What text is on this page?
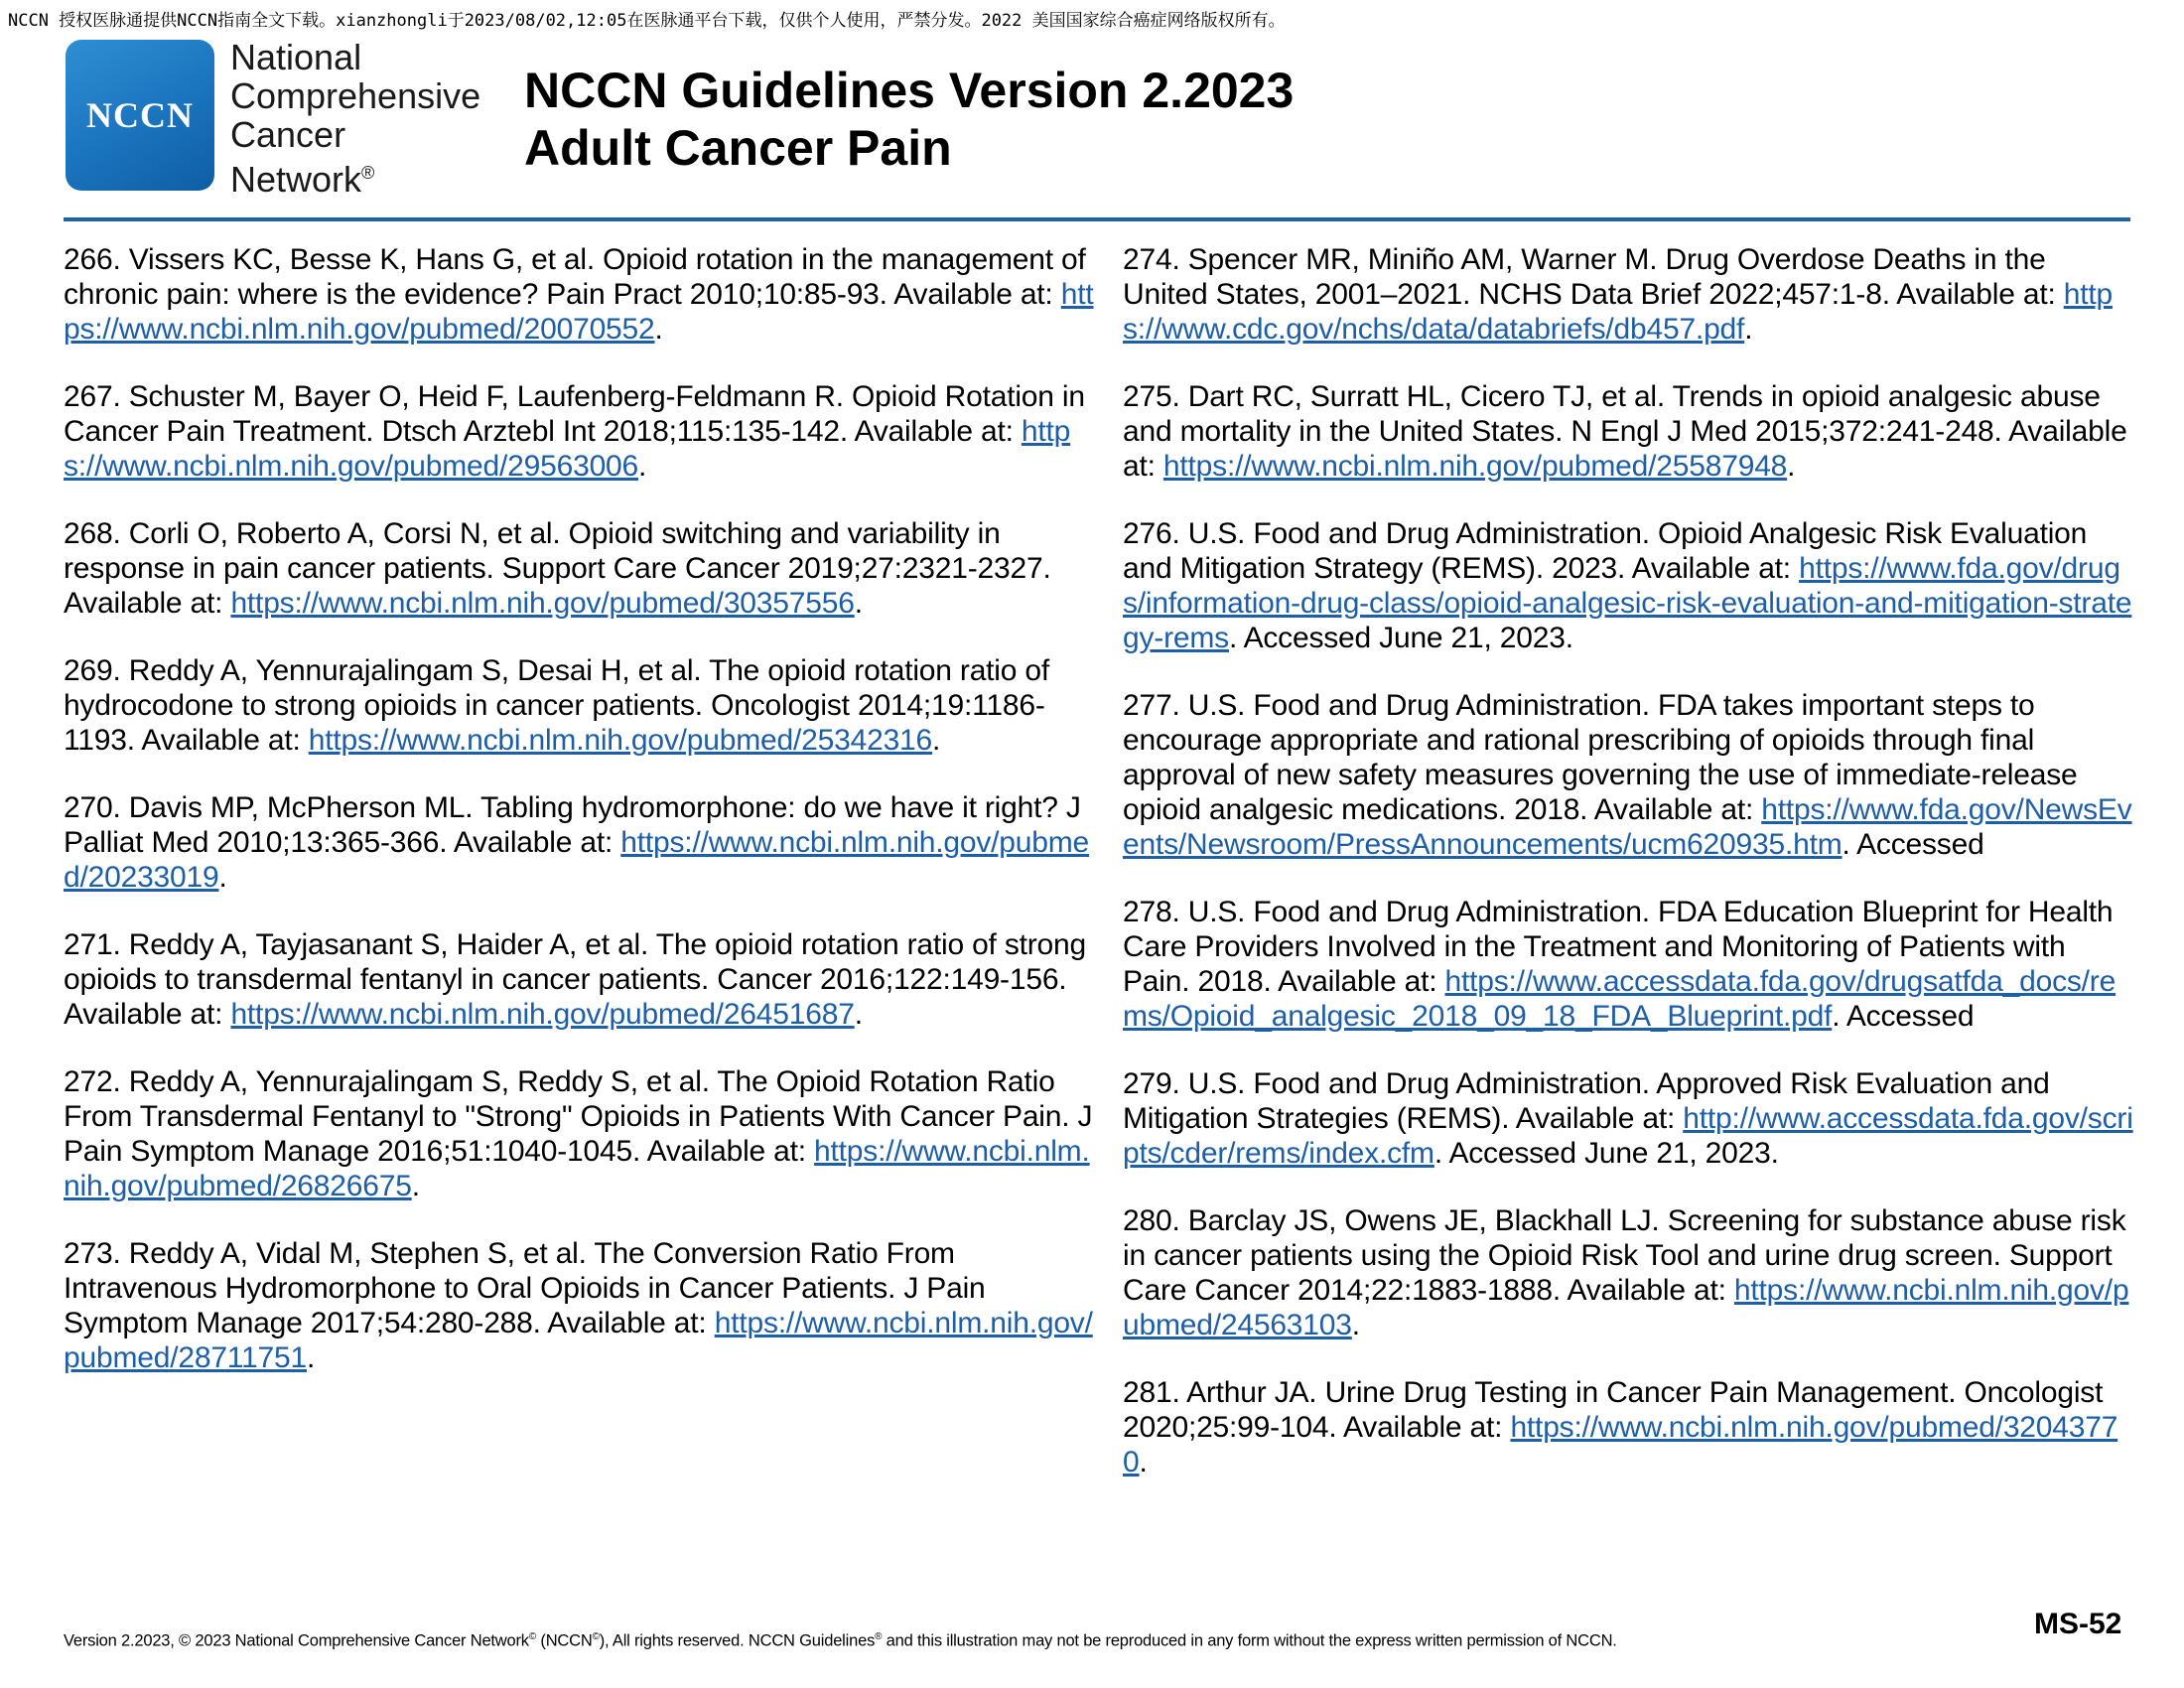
NCCN 授权医脉通提供NCCN指南全文下载。xianzhongli于2023/08/02,12:05在医脉通平台下载，仅供个人使用，严禁分发。2022 美国国家综合癌症网络版权所有。
NCCN
National
Comprehensive
Cancer
Network®
NCCN Guidelines Version 2.2023
Adult Cancer Pain

266. Vissers KC, Besse K, Hans G, et al. Opioid rotation in the management of chronic pain: where is the evidence? Pain Pract 2010;10:85-93. Available at: https://www.ncbi.nlm.nih.gov/pubmed/20070552.

267. Schuster M, Bayer O, Heid F, Laufenberg-Feldmann R. Opioid Rotation in Cancer Pain Treatment. Dtsch Arztebl Int 2018;115:135-142. Available at: https://www.ncbi.nlm.nih.gov/pubmed/29563006.

268. Corli O, Roberto A, Corsi N, et al. Opioid switching and variability in response in pain cancer patients. Support Care Cancer 2019;27:2321-2327. Available at: https://www.ncbi.nlm.nih.gov/pubmed/30357556.

269. Reddy A, Yennurajalingam S, Desai H, et al. The opioid rotation ratio of hydrocodone to strong opioids in cancer patients. Oncologist 2014;19:1186-1193. Available at: https://www.ncbi.nlm.nih.gov/pubmed/25342316.

270. Davis MP, McPherson ML. Tabling hydromorphone: do we have it right? J Palliat Med 2010;13:365-366. Available at: https://www.ncbi.nlm.nih.gov/pubmed/20233019.

271. Reddy A, Tayjasanant S, Haider A, et al. The opioid rotation ratio of strong opioids to transdermal fentanyl in cancer patients. Cancer 2016;122:149-156. Available at: https://www.ncbi.nlm.nih.gov/pubmed/26451687.

272. Reddy A, Yennurajalingam S, Reddy S, et al. The Opioid Rotation Ratio From Transdermal Fentanyl to "Strong" Opioids in Patients With Cancer Pain. J Pain Symptom Manage 2016;51:1040-1045. Available at: https://www.ncbi.nlm.nih.gov/pubmed/26826675.

273. Reddy A, Vidal M, Stephen S, et al. The Conversion Ratio From Intravenous Hydromorphone to Oral Opioids in Cancer Patients. J Pain Symptom Manage 2017;54:280-288. Available at: https://www.ncbi.nlm.nih.gov/pubmed/28711751.

274. Spencer MR, Miniño AM, Warner M. Drug Overdose Deaths in the United States, 2001–2021. NCHS Data Brief 2022;457:1-8. Available at: https://www.cdc.gov/nchs/data/databriefs/db457.pdf.

275. Dart RC, Surratt HL, Cicero TJ, et al. Trends in opioid analgesic abuse and mortality in the United States. N Engl J Med 2015;372:241-248. Available at: https://www.ncbi.nlm.nih.gov/pubmed/25587948.

276. U.S. Food and Drug Administration. Opioid Analgesic Risk Evaluation and Mitigation Strategy (REMS). 2023. Available at: https://www.fda.gov/drugs/information-drug-class/opioid-analgesic-risk-evaluation-and-mitigation-strategy-rems. Accessed June 21, 2023.

277. U.S. Food and Drug Administration. FDA takes important steps to encourage appropriate and rational prescribing of opioids through final approval of new safety measures governing the use of immediate-release opioid analgesic medications. 2018. Available at: https://www.fda.gov/NewsEvents/Newsroom/PressAnnouncements/ucm620935.htm. Accessed

278. U.S. Food and Drug Administration. FDA Education Blueprint for Health Care Providers Involved in the Treatment and Monitoring of Patients with Pain. 2018. Available at: https://www.accessdata.fda.gov/drugsatfda_docs/rems/Opioid_analgesic_2018_09_18_FDA_Blueprint.pdf. Accessed

279. U.S. Food and Drug Administration. Approved Risk Evaluation and Mitigation Strategies (REMS). Available at: http://www.accessdata.fda.gov/scripts/cder/rems/index.cfm. Accessed June 21, 2023.

280. Barclay JS, Owens JE, Blackhall LJ. Screening for substance abuse risk in cancer patients using the Opioid Risk Tool and urine drug screen. Support Care Cancer 2014;22:1883-1888. Available at: https://www.ncbi.nlm.nih.gov/pubmed/24563103.

281. Arthur JA. Urine Drug Testing in Cancer Pain Management. Oncologist 2020;25:99-104. Available at: https://www.ncbi.nlm.nih.gov/pubmed/32043770.

Version 2.2023, © 2023 National Comprehensive Cancer Network© (NCCN©), All rights reserved. NCCN Guidelines® and this illustration may not be reproduced in any form without the express written permission of NCCN.
MS-52
